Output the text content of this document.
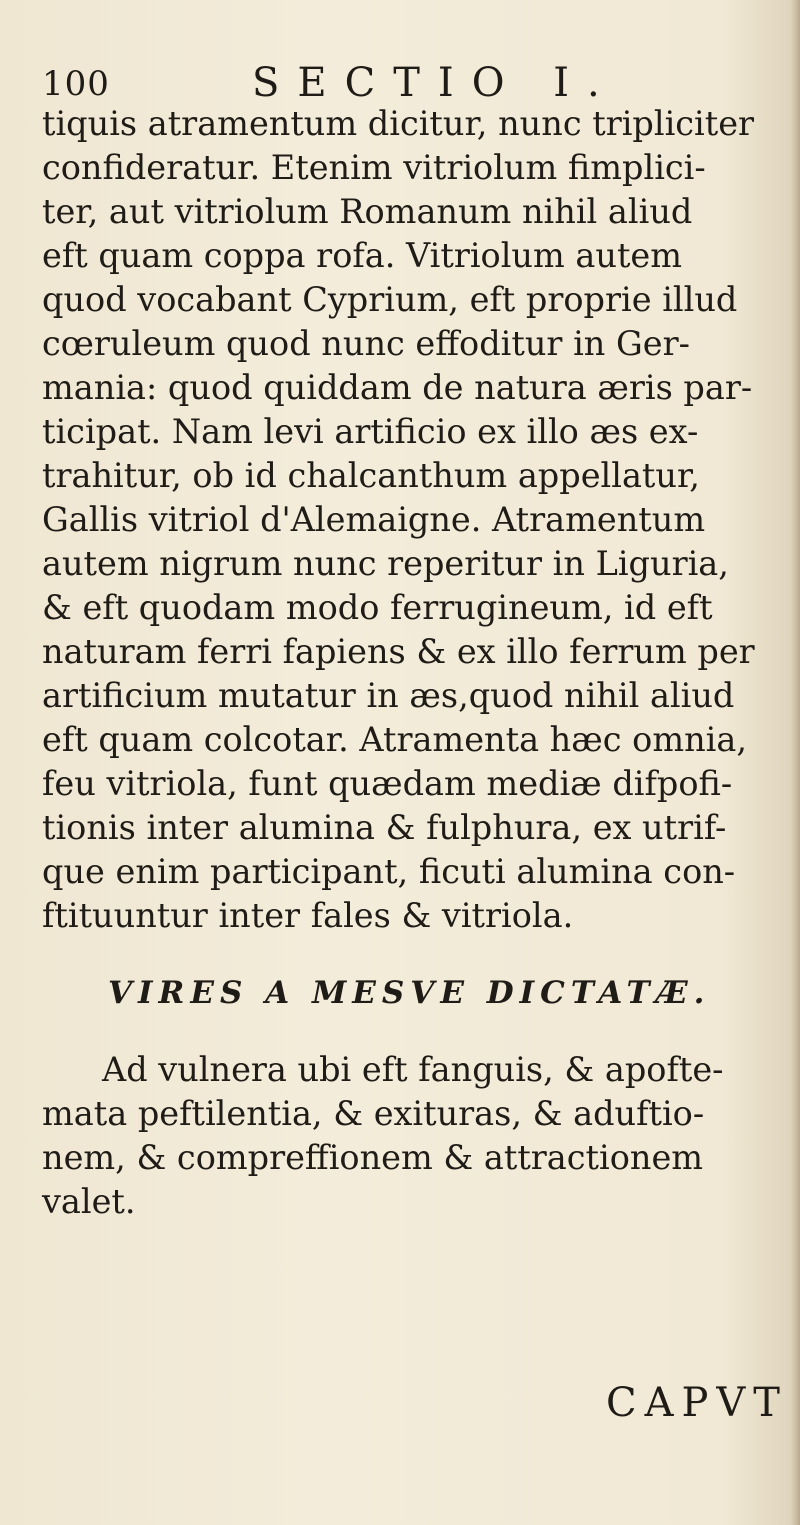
100	SECTIO I.
tiquis atramentum dicitur, nunc tripliciter
confideratur. Etenim vitriolum fimplici-
ter, aut vitriolum Romanum nihil aliud
eft quam coppa rofa. Vitriolum autem
quod vocabant Cyprium, eft proprie illud
cœruleum quod nunc effoditur in Ger-
mania: quod quiddam de natura æris par-
ticipat. Nam levi artificio ex illo æs ex-
trahitur, ob id chalcanthum appellatur,
Gallis vitriol d'Alemaigne. Atramentum
autem nigrum nunc reperitur in Liguria,
& eft quodam modo ferrugineum, id eft
naturam ferri fapiens & ex illo ferrum per
artificium mutatur in æs,quod nihil aliud
eft quam colcotar. Atramenta hæc omnia,
feu vitriola, funt quædam mediæ difpofi-
tionis inter alumina & fulphura, ex utrif-
que enim participant, ficuti alumina con-
ftituuntur inter fales & vitriola.
VIRES A MESVE DICTATÆ.
Ad vulnera ubi eft fanguis, & apofte-
mata peftilentia, & exituras, & aduftio-
nem, & compreffionem & attractionem
valet.
CAPVT
